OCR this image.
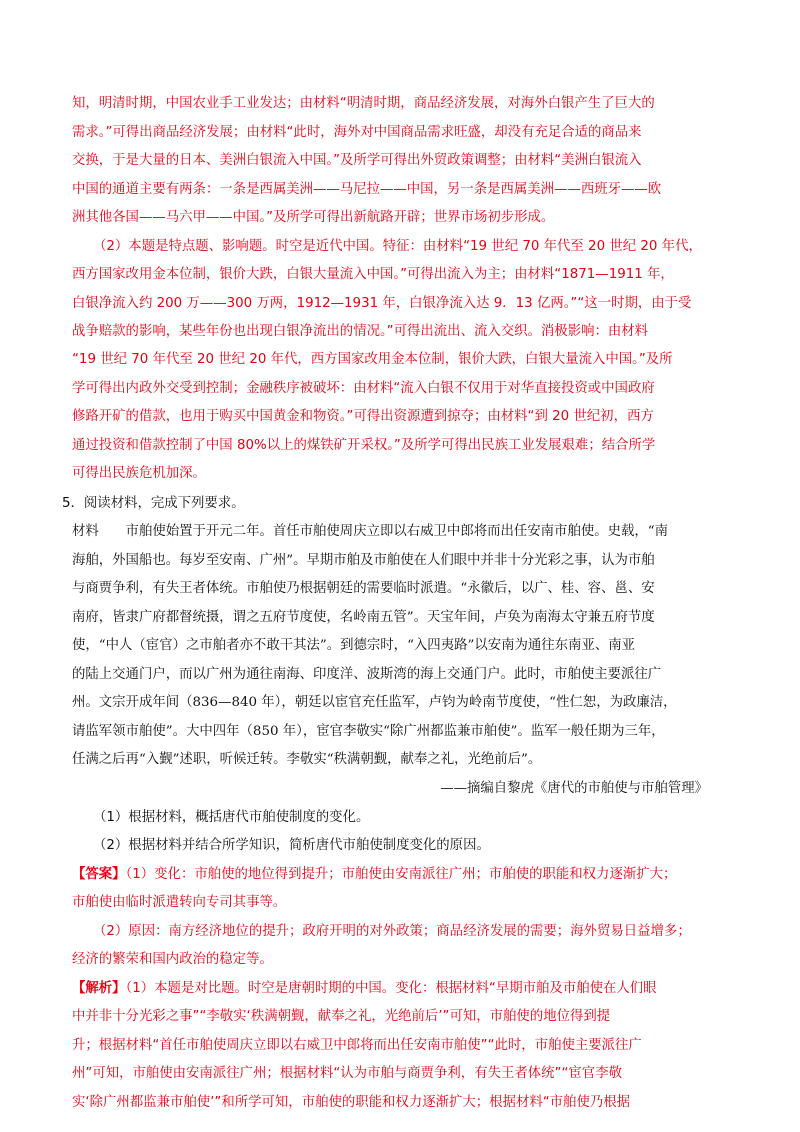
知，明清时期，中国农业手工业发达；由材料“明清时期，商品经济发展，对海外白银产生了巨大的
需求。”可得出商品经济发展；由材料“此时，海外对中国商品需求旺盛，却没有充足合适的商品来
交换，于是大量的日本、美洲白银流入中国。”及所学可得出外贸政策调整；由材料“美洲白银流入
中国的通道主要有两条：一条是西属美洲——马尼拉——中国，另一条是西属美洲——西班牙——欧
洲其他各国——马六甲——中国。”及所学可得出新航路开辟；世界市场初步形成。
（2）本题是特点题、影响题。时空是近代中国。特征：由材料“19 世纪 70 年代至 20 世纪 20 年代，
西方国家改用金本位制，银价大跌，白银大量流入中国。”可得出流入为主；由材料“1871—1911 年，
白银净流入约 200 万——300 万两，1912—1931 年，白银净流入达 9．13 亿两。”“这一时期，由于受
战争赔款的影响，某些年份也出现白银净流出的情况。”可得出流出、流入交织。消极影响：由材料
“19 世纪 70 年代至 20 世纪 20 年代，西方国家改用金本位制，银价大跌，白银大量流入中国。”及所
学可得出内政外交受到控制；金融秩序被破坏：由材料“流入白银不仅用于对华直接投资或中国政府
修路开矿的借款，也用于购买中国黄金和物资。”可得出资源遭到掠夺；由材料“到 20 世纪初，西方
通过投资和借款控制了中国 80%以上的煤铁矿开采权。”及所学可得出民族工业发展艰难；结合所学
可得出民族危机加深。
5．阅读材料，完成下列要求。
材料　　市舶使始置于开元二年。首任市舶使周庆立即以右威卫中郎将而出任安南市舶使。史载，“南
海舶，外国船也。每岁至安南、广州”。早期市舶及市舶使在人们眼中并非十分光彩之事，认为市舶
与商贾争利，有失王者体统。市舶使乃根据朝廷的需要临时派遣。“永徽后，以广、桂、容、邕、安
南府，皆隶广府都督统摄，谓之五府节度使，名岭南五管”。天宝年间，卢奂为南海太守兼五府节度
使，“中人（宦官）之市舶者亦不敢干其法”。到德宗时，“入四夷路”以安南为通往东南亚、南亚
的陆上交通门户，而以广州为通往南海、印度洋、波斯湾的海上交通门户。此时，市舶使主要派往广
州。文宗开成年间（836—840 年），朝廷以宦官充任监军，卢钧为岭南节度使，“性仁恕，为政廉洁，
请监军领市舶使”。大中四年（850 年），宦官李敬实“除广州都监兼市舶使”。监军一般任期为三年，
任满之后再“入觐”述职，听候迁转。李敬实“秩满朝觐，献奉之礼，光绝前后”。
——摘编自黎虎《唐代的市舶使与市舶管理》
（1）根据材料，概括唐代市舶使制度的变化。
（2）根据材料并结合所学知识，简析唐代市舶使制度变化的原因。
【答案】（1）变化：市舶使的地位得到提升；市舶使由安南派往广州；市舶使的职能和权力逐渐扩大；
市舶使由临时派遣转向专司其事等。
（2）原因：南方经济地位的提升；政府开明的对外政策；商品经济发展的需要；海外贸易日益增多；
经济的繁荣和国内政治的稳定等。
【解析】（1）本题是对比题。时空是唐朝时期的中国。变化：根据材料“早期市舶及市舶使在人们眼
中并非十分光彩之事”“李敬实‘秩满朝觐，献奉之礼，光绝前后’”可知，市舶使的地位得到提
升；根据材料“首任市舶使周庆立即以右威卫中郎将而出任安南市舶使”“此时，市舶使主要派往广
州”可知，市舶使由安南派往广州；根据材料“认为市舶与商贾争利，有失王者体统”“宦官李敬
实‘除广州都监兼市舶使’”和所学可知，市舶使的职能和权力逐渐扩大；根据材料“市舶使乃根据
